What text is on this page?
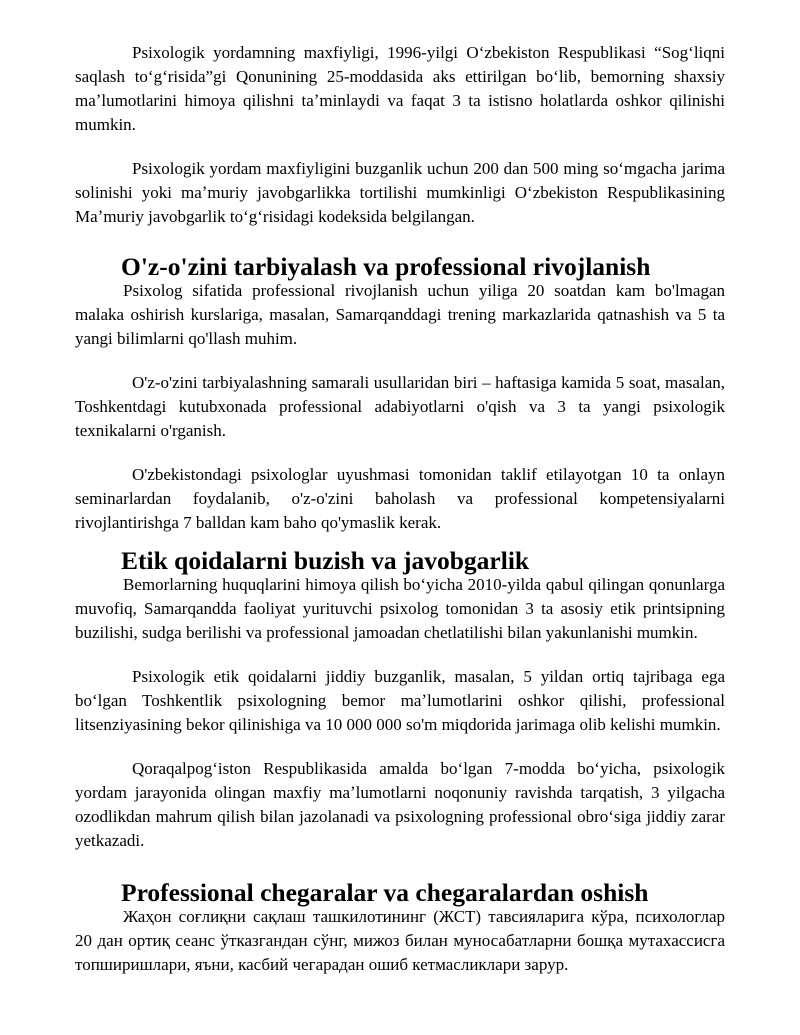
Psixologik yordamning maxfiyligi, 1996-yilgi Oʻzbekiston Respublikasi “Sogʻliqni saqlash toʻgʻrisida”gi Qonunining 25-moddasida aks ettirilgan boʻlib, bemorning shaxsiy maʼlumotlarini himoya qilishni taʼminlaydi va faqat 3 ta istisno holatlarda oshkor qilinishi mumkin.

Psixologik yordam maxfiyligini buzganlik uchun 200 dan 500 ming soʻmgacha jarima solinishi yoki maʼmuriy javobgarlikka tortilishi mumkinligi Oʻzbekiston Respublikasining Maʼmuriy javobgarlik toʻgʻrisidagi kodeksida belgilangan.

O'z-o'zini tarbiyalash va professional rivojlanish

Psixolog sifatida professional rivojlanish uchun yiliga 20 soatdan kam bo'lmagan malaka oshirish kurslariga, masalan, Samarqanddagi trening markazlarida qatnashish va 5 ta yangi bilimlarni qo'llash muhim.

O'z-o'zini tarbiyalashning samarali usullaridan biri – haftasiga kamida 5 soat, masalan, Toshkentdagi kutubxonada professional adabiyotlarni o'qish va 3 ta yangi psixologik texnikalarni o'rganish.

O'zbekistondagi psixologlar uyushmasi tomonidan taklif etilayotgan 10 ta onlayn seminarlardan foydalanib, o'z-o'zini baholash va professional kompetensiyalarni rivojlantirishga 7 balldan kam baho qo'ymaslik kerak.

Etik qoidalarni buzish va javobgarlik

Bemorlarning huquqlarini himoya qilish boʻyicha 2010-yilda qabul qilingan qonunlarga muvofiq, Samarqandda faoliyat yurituvchi psixolog tomonidan 3 ta asosiy etik printsipning buzilishi, sudga berilishi va professional jamoadan chetlatilishi bilan yakunlanishi mumkin.

Psixologik etik qoidalarni jiddiy buzganlik, masalan, 5 yildan ortiq tajribaga ega boʻlgan Toshkentlik psixologning bemor maʼlumotlarini oshkor qilishi, professional litsenziyasining bekor qilinishiga va 10 000 000 so'm miqdorida jarimaga olib kelishi mumkin.

Qoraqalpogʻiston Respublikasida amalda boʻlgan 7-modda boʻyicha, psixologik yordam jarayonida olingan maxfiy maʼlumotlarni noqonuniy ravishda tarqatish, 3 yilgacha ozodlikdan mahrum qilish bilan jazolanadi va psixologning professional obroʻsiga jiddiy zarar yetkazadi.

Professional chegaralar va chegaralardan oshish

Жаҳон соғлиқни сақлаш ташкилотининг (ЖСТ) тавсияларига кўра, психологлар 20 дан ортиқ сеанс ўтказгандан сўнг, мижоз билан муносабатларни бошқа мутахассисга топширишлари, яъни, касбий чегарадан ошиб кетмасликлари зарур.
